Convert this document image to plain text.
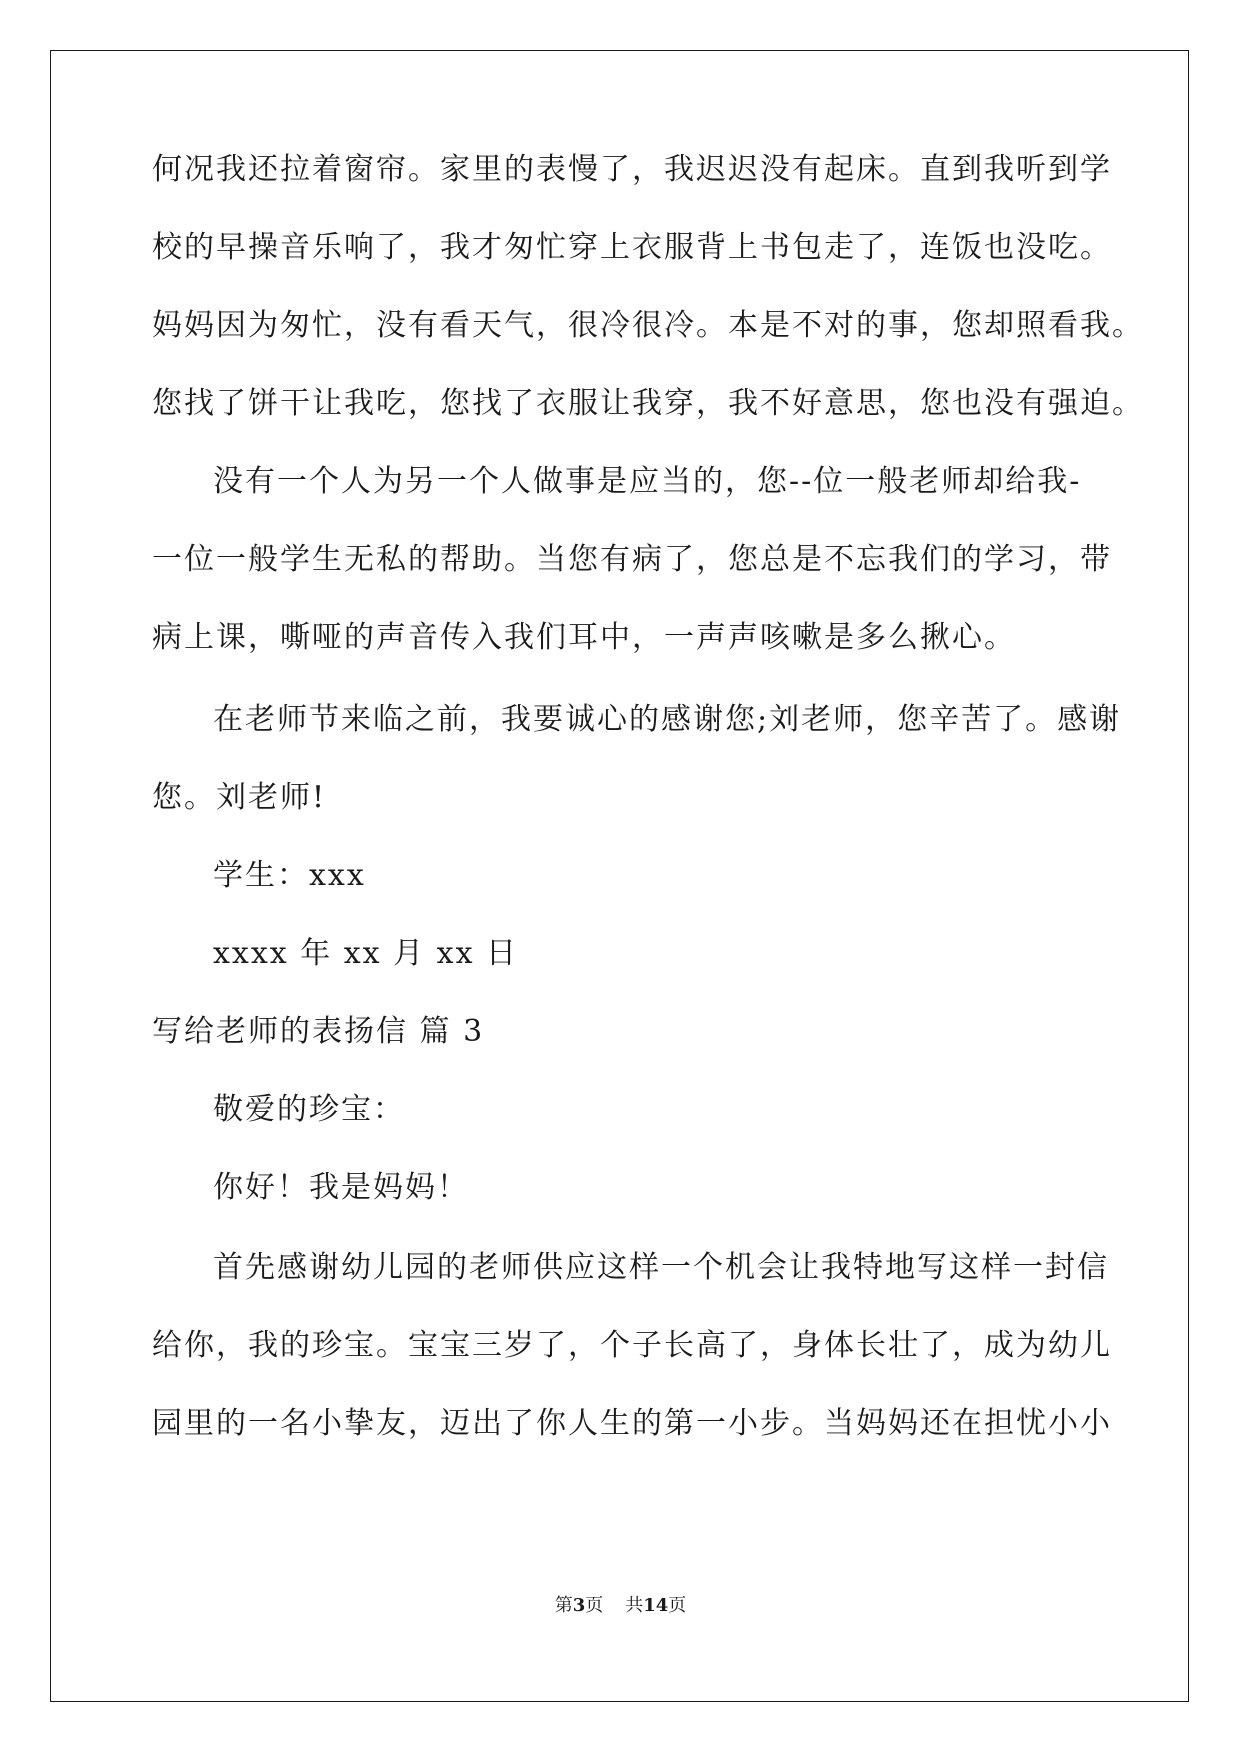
何况我还拉着窗帘。家里的表慢了，我迟迟没有起床。直到我听到学

校的早操音乐响了，我才匆忙穿上衣服背上书包走了，连饭也没吃。

妈妈因为匆忙，没有看天气，很冷很冷。本是不对的事，您却照看我。

您找了饼干让我吃，您找了衣服让我穿，我不好意思，您也没有强迫。

没有一个人为另一个人做事是应当的，您--位一般老师却给我-

一位一般学生无私的帮助。当您有病了，您总是不忘我们的学习，带

病上课，嘶哑的声音传入我们耳中，一声声咳嗽是多么揪心。

在老师节来临之前，我要诚心的感谢您;刘老师，您辛苦了。感谢

您。刘老师!

学生：xxx

xxxx 年 xx 月 xx 日

写给老师的表扬信 篇 3

敬爱的珍宝：

你好！我是妈妈！

首先感谢幼儿园的老师供应这样一个机会让我特地写这样一封信

给你，我的珍宝。宝宝三岁了，个子长高了，身体长壮了，成为幼儿

园里的一名小挚友，迈出了你人生的第一小步。当妈妈还在担忧小小

第3页 共14页
